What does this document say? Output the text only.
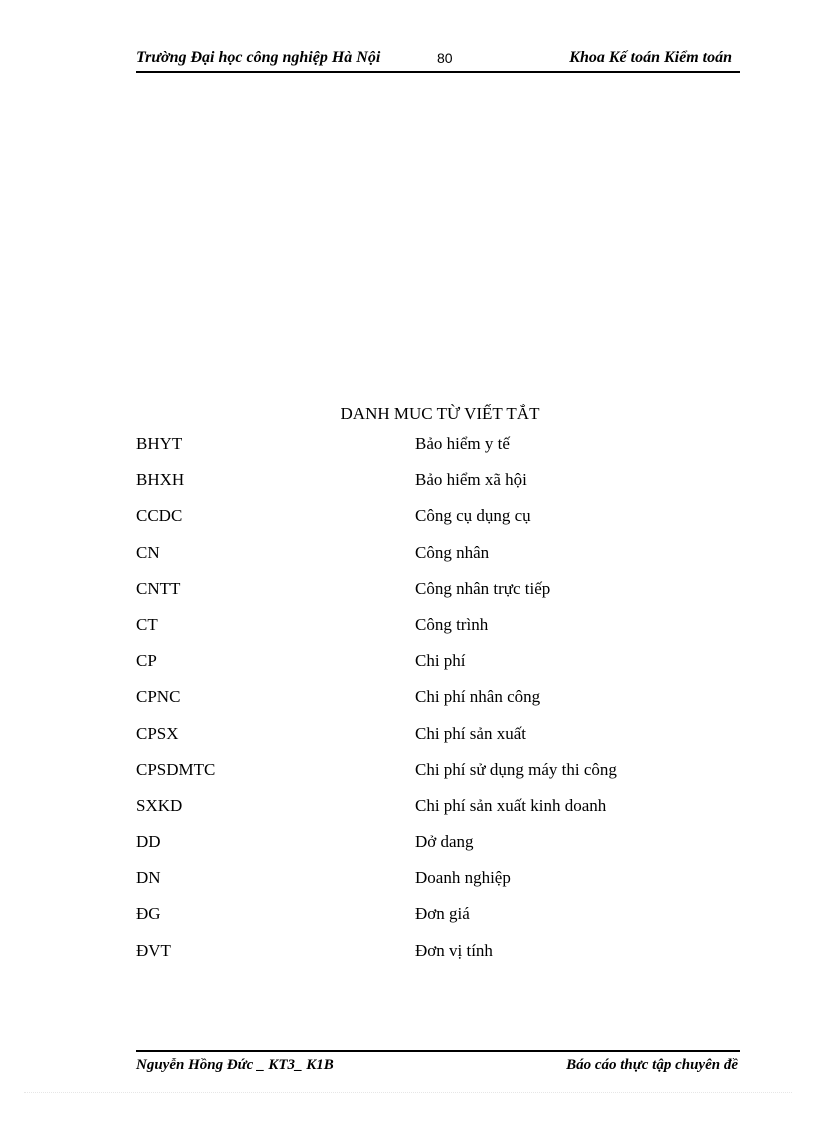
Trường Đại học công nghiệp Hà Nội	80	Khoa Kế toán Kiểm toán
DANH MUC TỪ VIẾT TẮT
BHYT	Bảo hiểm y tế
BHXH	Bảo hiểm xã hội
CCDC	Công cụ dụng cụ
CN	Công nhân
CNTT	Công nhân trực tiếp
CT	Công trình
CP	Chi phí
CPNC	Chi phí nhân công
CPSX	Chi phí sản xuất
CPSDMTC	Chi phí sử dụng máy thi công
SXKD	Chi phí sản xuất kinh doanh
DD	Dở dang
DN	Doanh nghiệp
ĐG	Đơn giá
ĐVT	Đơn vị tính
Nguyễn Hồng Đức _ KT3_ K1B	Báo cáo thực tập chuyên đề
